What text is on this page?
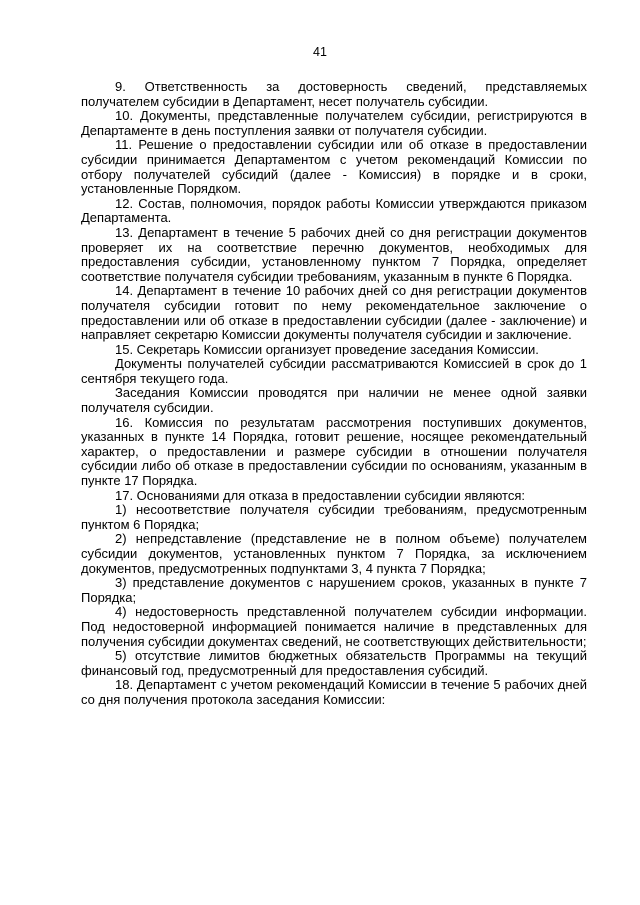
41

9. Ответственность за достоверность сведений, представляемых получателем субсидии в Департамент, несет получатель субсидии.

10. Документы, представленные получателем субсидии, регистрируются в Департаменте в день поступления заявки от получателя субсидии.

11. Решение о предоставлении субсидии или об отказе в предоставлении субсидии принимается Департаментом с учетом рекомендаций Комиссии по отбору получателей субсидий (далее - Комиссия) в порядке и в сроки, установленные Порядком.

12. Состав, полномочия, порядок работы Комиссии утверждаются приказом Департамента.

13. Департамент в течение 5 рабочих дней со дня регистрации документов проверяет их на соответствие перечню документов, необходимых для предоставления субсидии, установленному пунктом 7 Порядка, определяет соответствие получателя субсидии требованиям, указанным в пункте 6 Порядка.

14. Департамент в течение 10 рабочих дней со дня регистрации документов получателя субсидии готовит по нему рекомендательное заключение о предоставлении или об отказе в предоставлении субсидии (далее - заключение) и направляет секретарю Комиссии документы получателя субсидии и заключение.

15. Секретарь Комиссии организует проведение заседания Комиссии.

Документы получателей субсидии рассматриваются Комиссией в срок до 1 сентября текущего года.

Заседания Комиссии проводятся при наличии не менее одной заявки получателя субсидии.

16. Комиссия по результатам рассмотрения поступивших документов, указанных в пункте 14 Порядка, готовит решение, носящее рекомендательный характер, о предоставлении и размере субсидии в отношении получателя субсидии либо об отказе в предоставлении субсидии по основаниям, указанным в пункте 17 Порядка.

17. Основаниями для отказа в предоставлении субсидии являются:

1) несоответствие получателя субсидии требованиям, предусмотренным пунктом 6 Порядка;

2) непредставление (представление не в полном объеме) получателем субсидии документов, установленных пунктом 7 Порядка, за исключением документов, предусмотренных подпунктами 3, 4 пункта 7 Порядка;

3) представление документов с нарушением сроков, указанных в пункте 7 Порядка;

4) недостоверность представленной получателем субсидии информации. Под недостоверной информацией понимается наличие в представленных для получения субсидии документах сведений, не соответствующих действительности;

5) отсутствие лимитов бюджетных обязательств Программы на текущий финансовый год, предусмотренный для предоставления субсидий.

18. Департамент с учетом рекомендаций Комиссии в течение 5 рабочих дней со дня получения протокола заседания Комиссии:
